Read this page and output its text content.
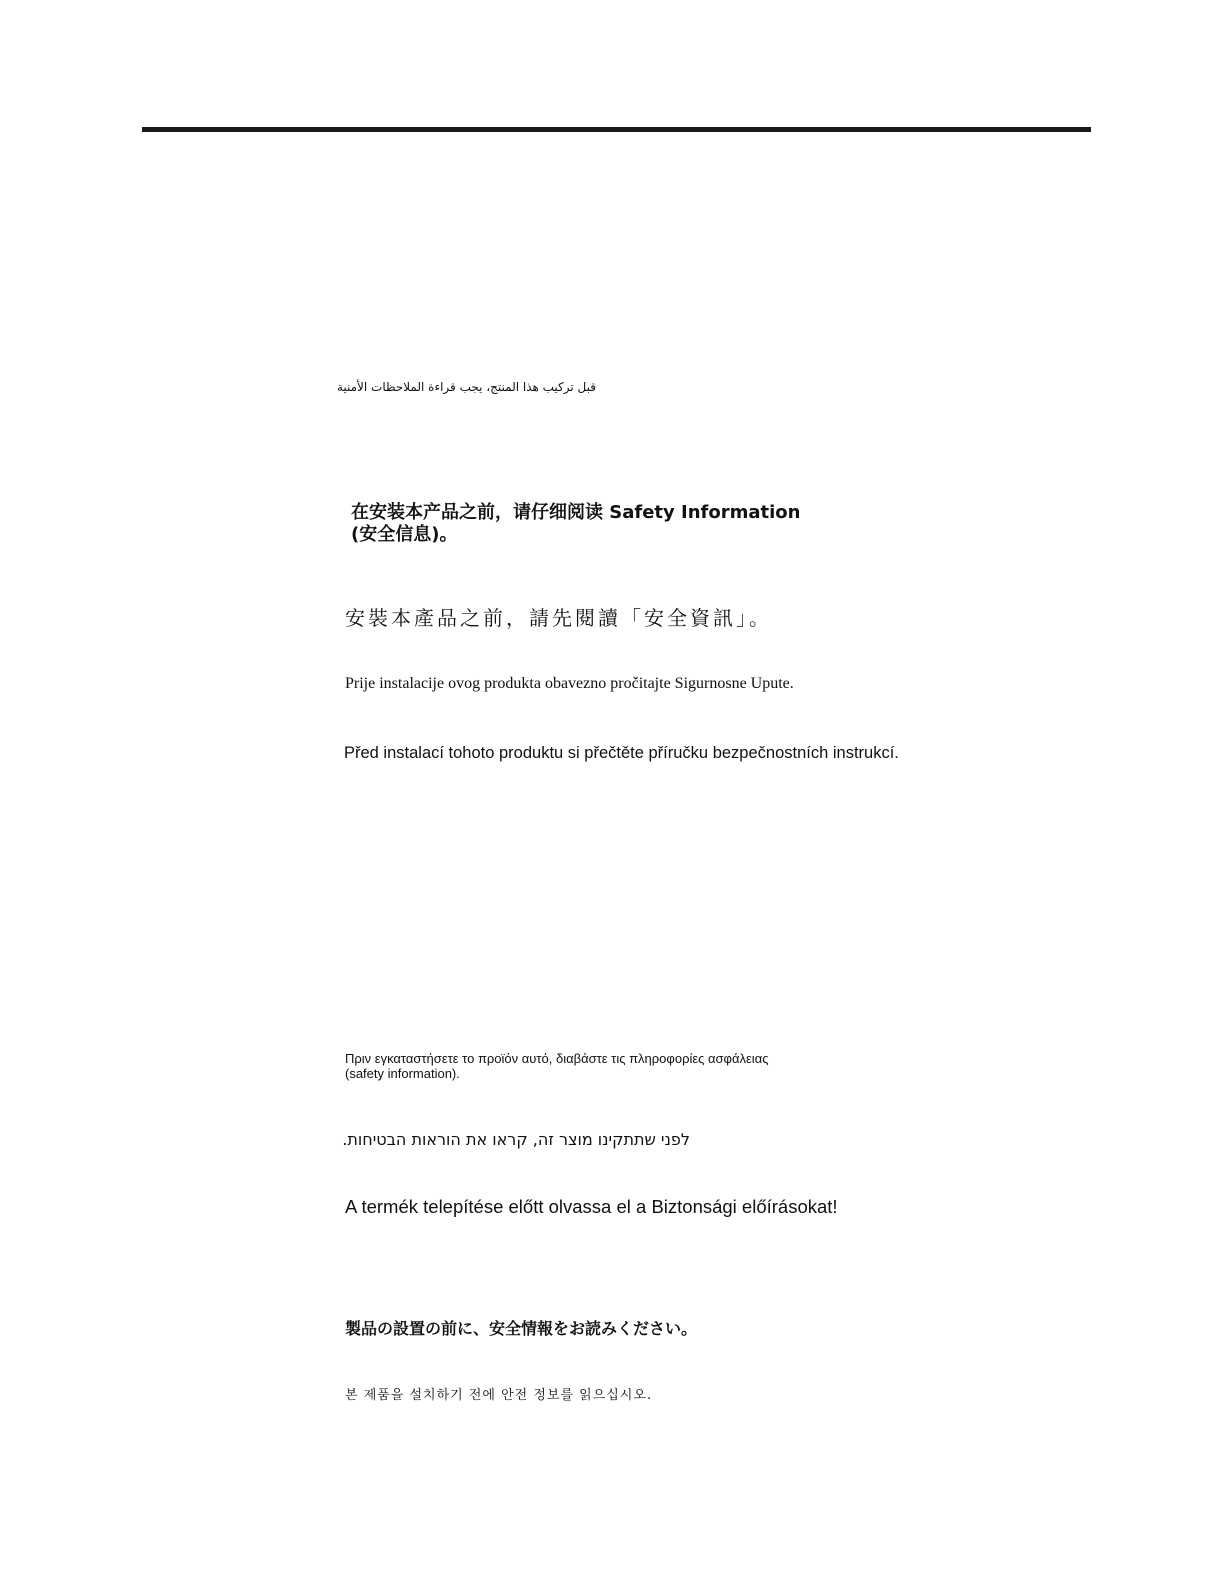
قبل تركيب هذا المنتج، يجب قراءة الملاحظات الأمنية

在安装本产品之前，请仔细阅读 Safety Information
(安全信息)。

安裝本產品之前，請先閱讀「安全資訊」。

Prije instalacije ovog produkta obavezno pročitajte Sigurnosne Upute.

Před instalací tohoto produktu si přečtěte příručku bezpečnostních instrukcí.

Πριν εγκαταστήσετε το προϊόν αυτό, διαβάστε τις πληροφορίες ασφάλειας
(safety information).

לפני שתתקינו מוצר זה, קראו את הוראות הבטיחות.

A termék telepítése előtt olvassa el a Biztonsági előírásokat!

製品の設置の前に、安全情報をお読みください。

본 제품을 설치하기 전에 안전 정보를 읽으십시오.
